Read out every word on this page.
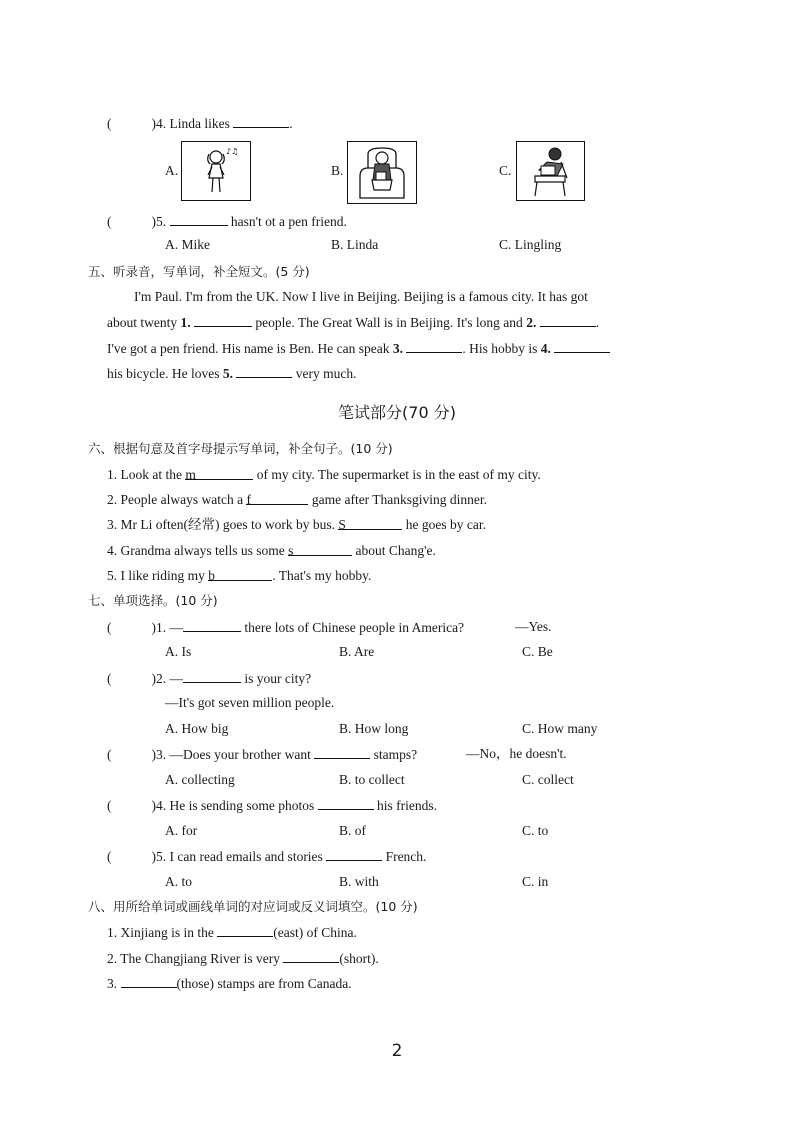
(	)4. Linda likes	.
A.
♪♫
B.	C.
(	)5.	hasn't ot a pen friend.
A. Mike	B. Linda	C. Lingling
五、听录音，写单词，补全短文。(5 分)
I'm Paul. I'm from the UK. Now I live in Beijing. Beijing is a famous city. It has got
about twenty 1.	people. The Great Wall is in Beijing. It's long and 2.	.
I've got a pen friend. His name is Ben. He can speak 3.	. His hobby is 4.
his bicycle. He loves 5.	very much.
笔试部分(70 分)
六、根据句意及首字母提示写单词，补全句子。(10 分)
1. Look at the m	of my city. The supermarket is in the east of my city.
2. People always watch a f	game after Thanksgiving dinner.
3. Mr Li often(经常) goes to work by bus. S	he goes by car.
4. Grandma always tells us some s	about Chang'e.
5. I like riding my b	. That's my hobby.
七、单项选择。(10 分)
(	)1. —	there lots of Chinese people in America?	—Yes.
A. Is	B. Are	C. Be
(	)2. —	is your city?
—It's got seven million people.
A. How big	B. How long	C. How many
(	)3. —Does your brother want	stamps?	—No，he doesn't.
A. collecting	B. to collect	C. collect
(	)4. He is sending some photos	his friends.
A. for	B. of	C. to
(	)5. I can read emails and stories	French.
A. to	B. with	C. in
八、用所给单词或画线单词的对应词或反义词填空。(10 分)
1. Xinjiang is in the	(east) of China.
2. The Changjiang River is very	(short).
3.	(those) stamps are from Canada.
2
